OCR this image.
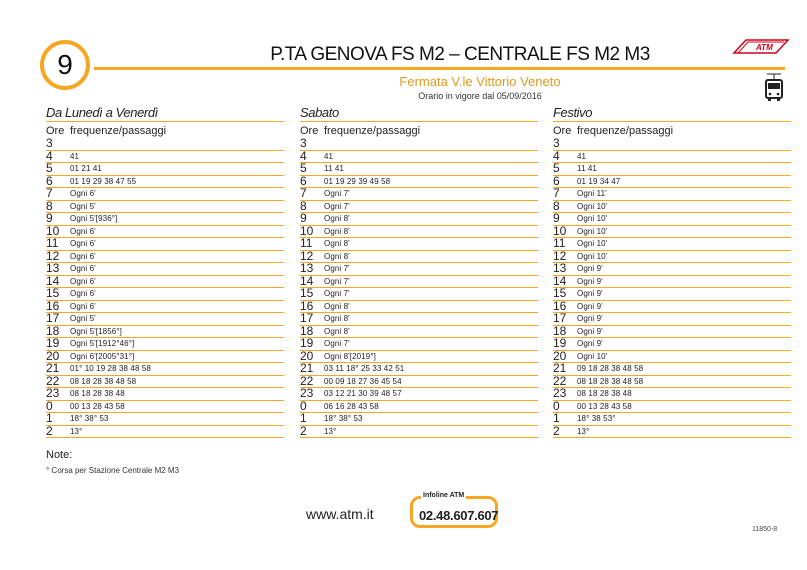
9	P.TA GENOVA FS M2 – CENTRALE FS M2 M3	ATM
Fermata V.le Vittorio Veneto
Orario in vigore dal 05/09/2016
Da Lunedì a Venerdì
Ore frequenze/passaggi
3	
4	41
5	01 21 41
6	01 19 29 38 47 55
7	Ogni 6'
8	Ogni 5'
9	Ogni 5'[936°]
10	Ogni 6'
11	Ogni 6'
12	Ogni 6'
13	Ogni 6'
14	Ogni 6'
15	Ogni 6'
16	Ogni 6'
17	Ogni 5'
18	Ogni 5'[1856°]
19	Ogni 5'[1912°46°]
20	Ogni 6'[2005°31°]
21	01° 10 19 28 38 48 58
22	08 18 28 38 48 58
23	08 18 28 38 48
0	00 13 28 43 58
1	18° 38° 53
2	13°
Sabato
Ore frequenze/passaggi
3	
4	41
5	11 41
6	01 19 29 39 49 58
7	Ogni 7'
8	Ogni 7'
9	Ogni 8'
10	Ogni 8'
11	Ogni 8'
12	Ogni 8'
13	Ogni 7'
14	Ogni 7'
15	Ogni 7'
16	Ogni 8'
17	Ogni 8'
18	Ogni 8'
19	Ogni 7'
20	Ogni 8'[2019°]
21	03 11 18° 25 33 42 51
22	00 09 18 27 36 45 54
23	03 12 21 30 39 48 57
0	06 16 28 43 58
1	18° 38° 53
2	13°
Festivo
Ore frequenze/passaggi
3	
4	41
5	11 41
6	01 19 34 47
7	Ogni 11'
8	Ogni 10'
9	Ogni 10'
10	Ogni 10'
11	Ogni 10'
12	Ogni 10'
13	Ogni 9'
14	Ogni 9'
15	Ogni 9'
16	Ogni 9'
17	Ogni 9'
18	Ogni 9'
19	Ogni 9'
20	Ogni 10'
21	09 18 28 38 48 58
22	08 18 28 38 48 58
23	08 18 28 38 48
0	00 13 28 43 58
1	18° 38 53°
2	13°
Note:
° Corsa per Stazione Centrale M2 M3
www.atm.it
Infoline ATM
02.48.607.607
11850-8
